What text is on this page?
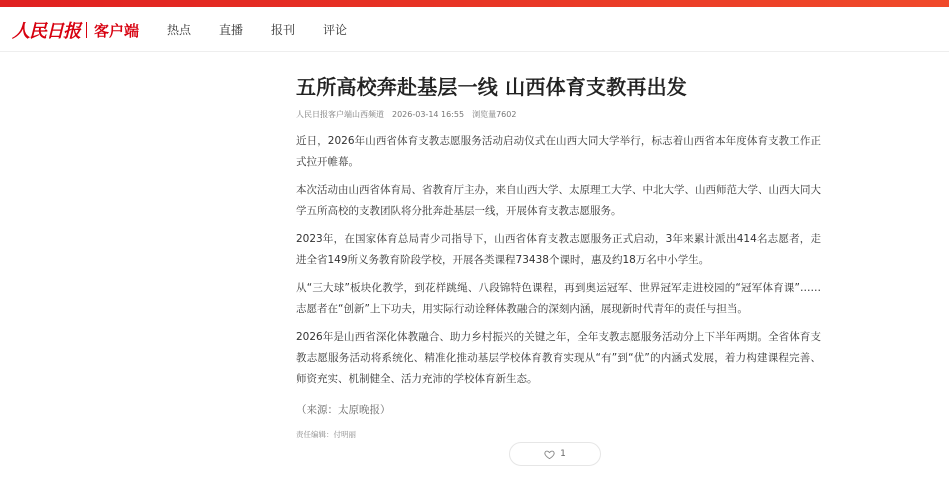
人民日报 客户端 热点 直播 报刊 评论
五所高校奔赴基层一线 山西体育支教再出发
人民日报客户端山西频道 2026-03-14 16:55 浏览量7602

近日，2026年山西省体育支教志愿服务活动启动仪式在山西大同大学举行，标志着山西省本年度体育支教工作正式拉开帷幕。

本次活动由山西省体育局、省教育厅主办，来自山西大学、太原理工大学、中北大学、山西师范大学、山西大同大学五所高校的支教团队将分批奔赴基层一线，开展体育支教志愿服务。

2023年，在国家体育总局青少司指导下，山西省体育支教志愿服务正式启动，3年来累计派出414名志愿者，走进全省149所义务教育阶段学校，开展各类课程73438个课时，惠及约18万名中小学生。

从“三大球”板块化教学，到花样跳绳、八段锦特色课程，再到奥运冠军、世界冠军走进校园的“冠军体育课”……志愿者在“创新”上下功夫，用实际行动诠释体教融合的深刻内涵，展现新时代青年的责任与担当。

2026年是山西省深化体教融合、助力乡村振兴的关键之年，全年支教志愿服务活动分上下半年两期。全省体育支教志愿服务活动将系统化、精准化推动基层学校体育教育实现从“有”到“优”的内涵式发展，着力构建课程完善、师资充实、机制健全、活力充沛的学校体育新生态。

（来源：太原晚报）

责任编辑：付明丽

1
